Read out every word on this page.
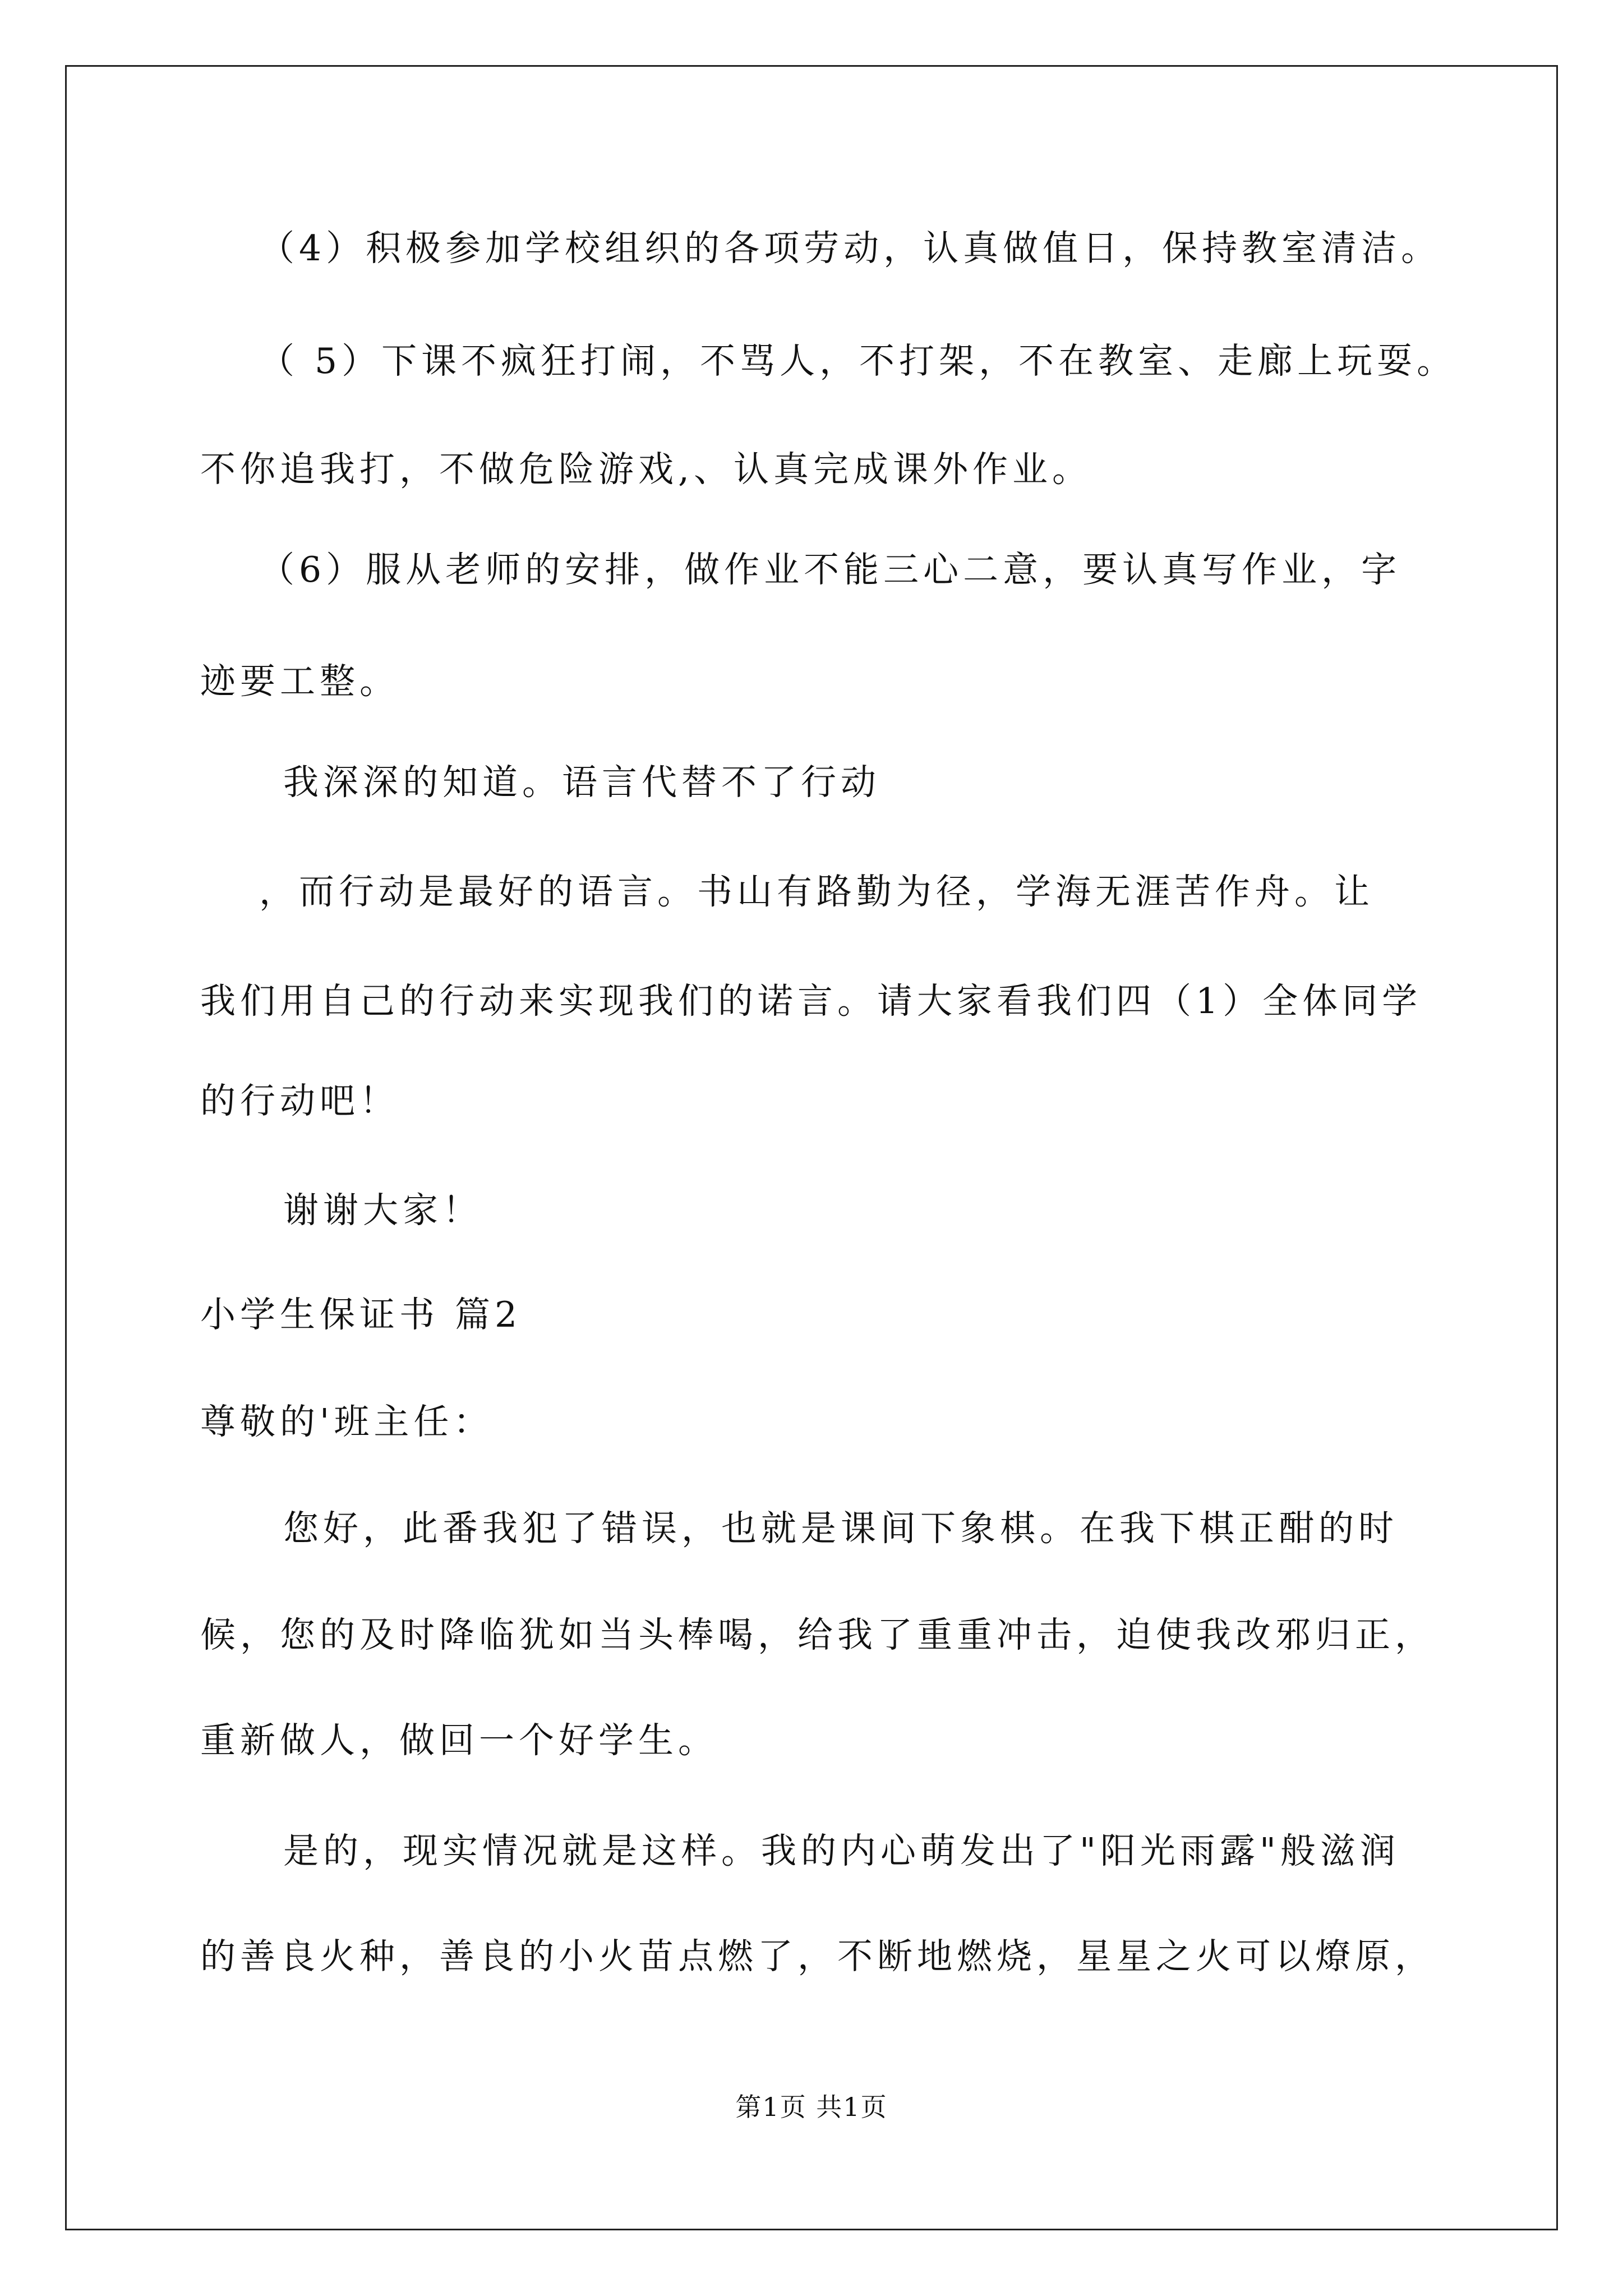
（4）积极参加学校组织的各项劳动，认真做值日，保持教室清洁。
（ 5）下课不疯狂打闹，不骂人，不打架，不在教室、走廊上玩耍。
不你追我打，不做危险游戏,、认真完成课外作业。
（6）服从老师的安排，做作业不能三心二意，要认真写作业，字
迹要工整。
我深深的知道。语言代替不了行动
，而行动是最好的语言。书山有路勤为径，学海无涯苦作舟。让
我们用自己的行动来实现我们的诺言。请大家看我们四（1）全体同学
的行动吧！
谢谢大家！
小学生保证书 篇2
尊敬的'班主任：
您好，此番我犯了错误，也就是课间下象棋。在我下棋正酣的时
候，您的及时降临犹如当头棒喝，给我了重重冲击，迫使我改邪归正，
重新做人，做回一个好学生。
是的，现实情况就是这样。我的内心萌发出了"阳光雨露"般滋润
的善良火种，善良的小火苗点燃了，不断地燃烧，星星之火可以燎原，
第1页 共1页
